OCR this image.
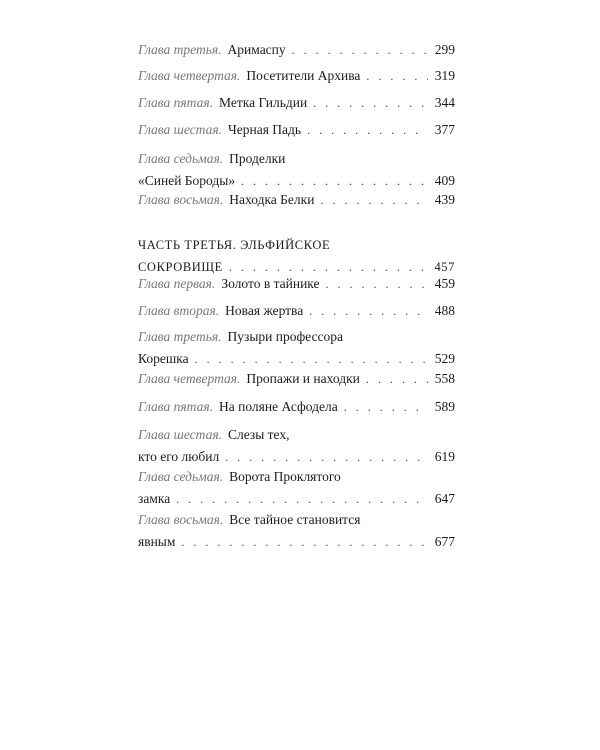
Глава третья. Аримаспу . . .	299
Глава четвертая. Посетители Архива . . .	319
Глава пятая. Метка Гильдии . . .	344
Глава шестая. Черная Падь . . .	377
Глава седьмая. Проделки
«Синей Бороды» . . .	409
Глава восьмая. Находка Белки . . .	439
ЧАСТЬ ТРЕТЬЯ. ЭЛЬФИЙСКОЕ
СОКРОВИЩЕ . . .	457
Глава первая. Золото в тайнике . . .	459
Глава вторая. Новая жертва . . .	488
Глава третья. Пузыри профессора
Корешка . . .	529
Глава четвертая. Пропажи и находки . . .	558
Глава пятая. На поляне Асфодела . . .	589
Глава шестая. Слезы тех,
кто его любил . . .	619
Глава седьмая. Ворота Проклятого
замка . . .	647
Глава восьмая. Все тайное становится
явным . . .	677
